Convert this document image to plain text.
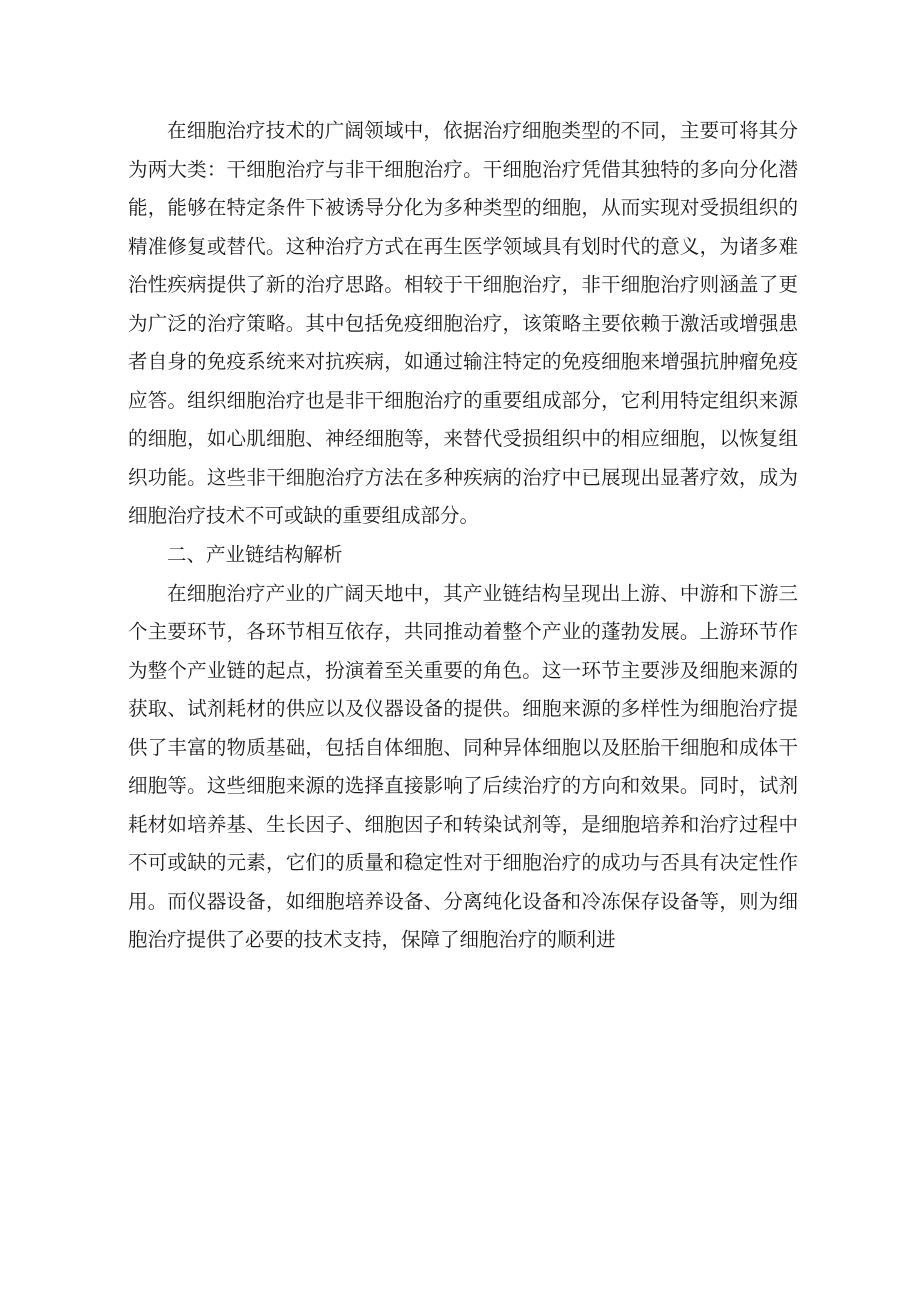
在细胞治疗技术的广阔领域中，依据治疗细胞类型的不同，主要可将其分为两大类：干细胞治疗与非干细胞治疗。干细胞治疗凭借其独特的多向分化潜能，能够在特定条件下被诱导分化为多种类型的细胞，从而实现对受损组织的精准修复或替代。这种治疗方式在再生医学领域具有划时代的意义，为诸多难治性疾病提供了新的治疗思路。相较于干细胞治疗，非干细胞治疗则涵盖了更为广泛的治疗策略。其中包括免疫细胞治疗，该策略主要依赖于激活或增强患者自身的免疫系统来对抗疾病，如通过输注特定的免疫细胞来增强抗肿瘤免疫应答。组织细胞治疗也是非干细胞治疗的重要组成部分，它利用特定组织来源的细胞，如心肌细胞、神经细胞等，来替代受损组织中的相应细胞，以恢复组织功能。这些非干细胞治疗方法在多种疾病的治疗中已展现出显著疗效，成为细胞治疗技术不可或缺的重要组成部分。

二、产业链结构解析

在细胞治疗产业的广阔天地中，其产业链结构呈现出上游、中游和下游三个主要环节，各环节相互依存，共同推动着整个产业的蓬勃发展。上游环节作为整个产业链的起点，扮演着至关重要的角色。这一环节主要涉及细胞来源的获取、试剂耗材的供应以及仪器设备的提供。细胞来源的多样性为细胞治疗提供了丰富的物质基础，包括自体细胞、同种异体细胞以及胚胎干细胞和成体干细胞等。这些细胞来源的选择直接影响了后续治疗的方向和效果。同时，试剂耗材如培养基、生长因子、细胞因子和转染试剂等，是细胞培养和治疗过程中不可或缺的元素，它们的质量和稳定性对于细胞治疗的成功与否具有决定性作用。而仪器设备，如细胞培养设备、分离纯化设备和冷冻保存设备等，则为细胞治疗提供了必要的技术支持，保障了细胞治疗的顺利进
